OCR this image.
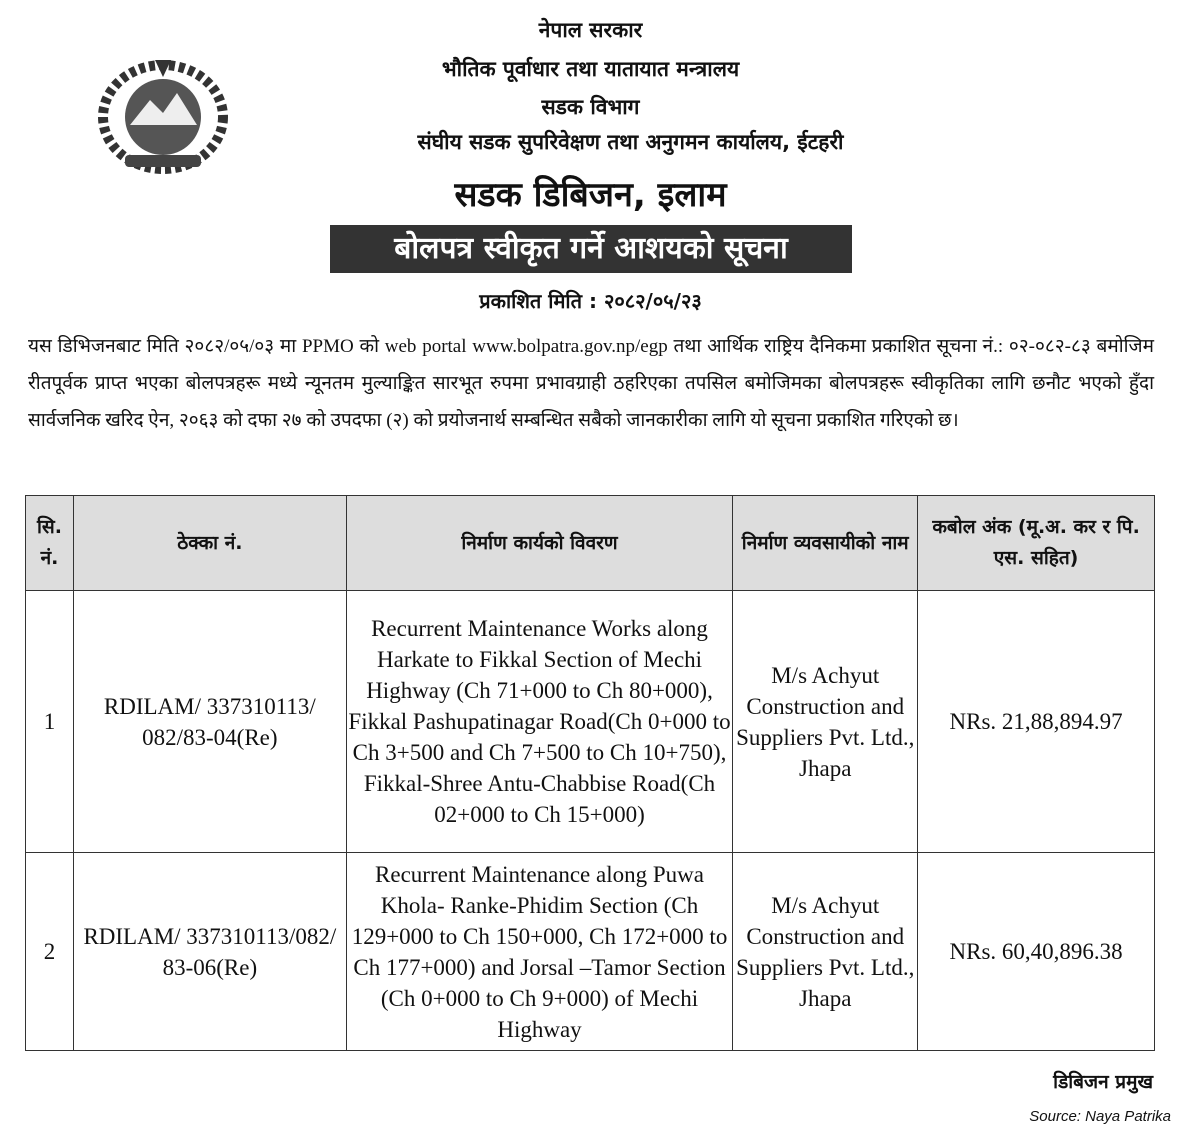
नेपाल सरकार
भौतिक पूर्वाधार तथा यातायात मन्त्रालय
सडक विभाग
संघीय सडक सुपरिवेक्षण तथा अनुगमन कार्यालय, ईटहरी
सडक डिबिजन, इलाम
बोलपत्र स्वीकृत गर्ने आशयको सूचना
प्रकाशित मिति : २०८२/०५/२३
यस डिभिजनबाट मिति २०८२/०५/०३ मा PPMO को web portal www.bolpatra.gov.np/egp तथा आर्थिक राष्ट्रिय दैनिकमा प्रकाशित सूचना नं.: ०२-०८२-८३ बमोजिम रीतपूर्वक प्राप्त भएका बोलपत्रहरू मध्ये न्यूनतम मुल्याङ्कित सारभूत रुपमा प्रभावग्राही ठहरिएका तपसिल बमोजिमका बोलपत्रहरू स्वीकृतिका लागि छनौट भएको हुँदा सार्वजनिक खरिद ऐन, २०६३ को दफा २७ को उपदफा (२) को प्रयोजनार्थ सम्बन्धित सबैको जानकारीका लागि यो सूचना प्रकाशित गरिएको छ।
सि. नं.	ठेक्का नं.	निर्माण कार्यको विवरण	निर्माण व्यवसायीको नाम	कबोल अंक (मू.अ. कर र पि. एस. सहित)
1	RDILAM/ 337310113/ 082/83-04(Re)	Recurrent Maintenance Works along Harkate to Fikkal Section of Mechi Highway (Ch 71+000 to Ch 80+000), Fikkal Pashupatinagar Road(Ch 0+000 to Ch 3+500 and Ch 7+500 to Ch 10+750), Fikkal-Shree Antu-Chabbise Road(Ch 02+000 to Ch 15+000)	M/s Achyut Construction and Suppliers Pvt. Ltd., Jhapa	NRs. 21,88,894.97
2	RDILAM/ 337310113/082/ 83-06(Re)	Recurrent Maintenance along Puwa Khola- Ranke-Phidim Section (Ch 129+000 to Ch 150+000, Ch 172+000 to Ch 177+000) and Jorsal –Tamor Section (Ch 0+000 to Ch 9+000) of Mechi Highway	M/s Achyut Construction and Suppliers Pvt. Ltd., Jhapa	NRs. 60,40,896.38
डिबिजन प्रमुख
Source: Naya Patrika
